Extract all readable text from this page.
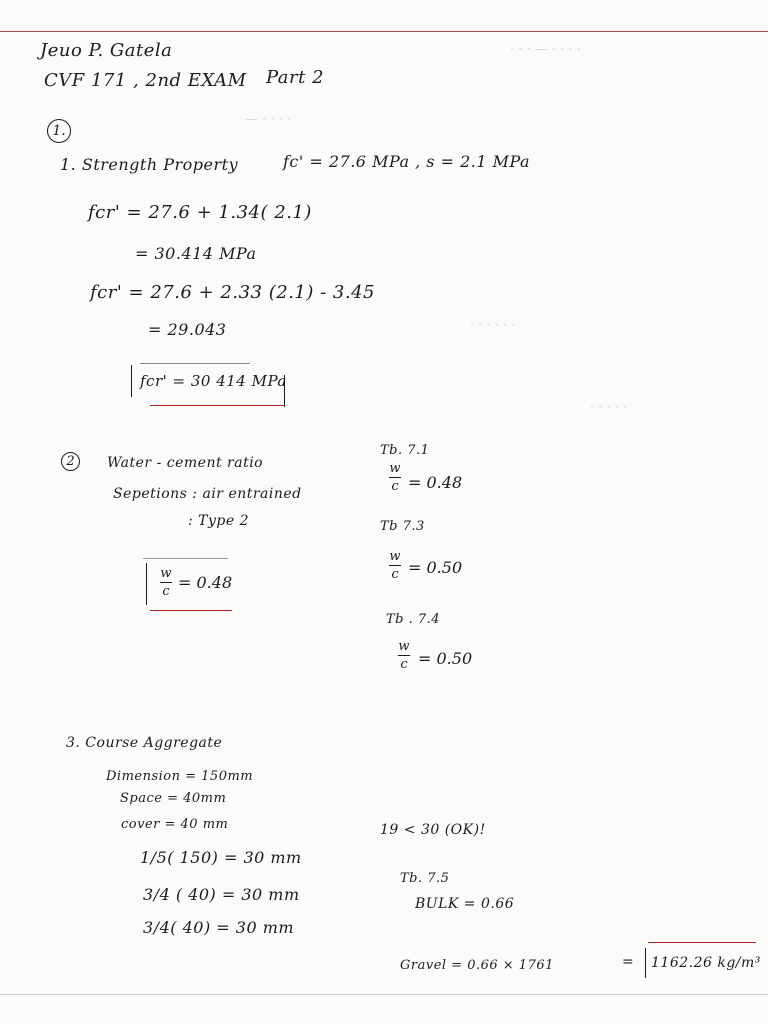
· · · — · · · ·
— · · · ·
· · · · · ·
· · · · ·
Jeuo P. Gatela
CVF 171 , 2nd EXAM Part 2
1.
1. Strength Property	fc' = 27.6 MPa , s = 2.1 MPa
fcr' = 27.6 + 1.34( 2.1)
= 30.414 MPa
fcr' = 27.6 + 2.33 (2.1) - 3.45
= 29.043
fcr' = 30 414 MPa
2 Water - cement ratio
Sepetions : air entrained
: Type 2
w
c = 0.48
Tb. 7.1
w
c = 0.48
Tb 7.3
w
c = 0.50
Tb . 7.4
w
c = 0.50
3. Course Aggregate
Dimension = 150mm
Space = 40mm
cover = 40 mm
1/5( 150) = 30 mm
3/4 ( 40) = 30 mm
3/4( 40) = 30 mm
19 < 30 (OK)!
Tb. 7.5
BULK = 0.66
Gravel = 0.66 × 1761	= 1162.26 kg/m³
